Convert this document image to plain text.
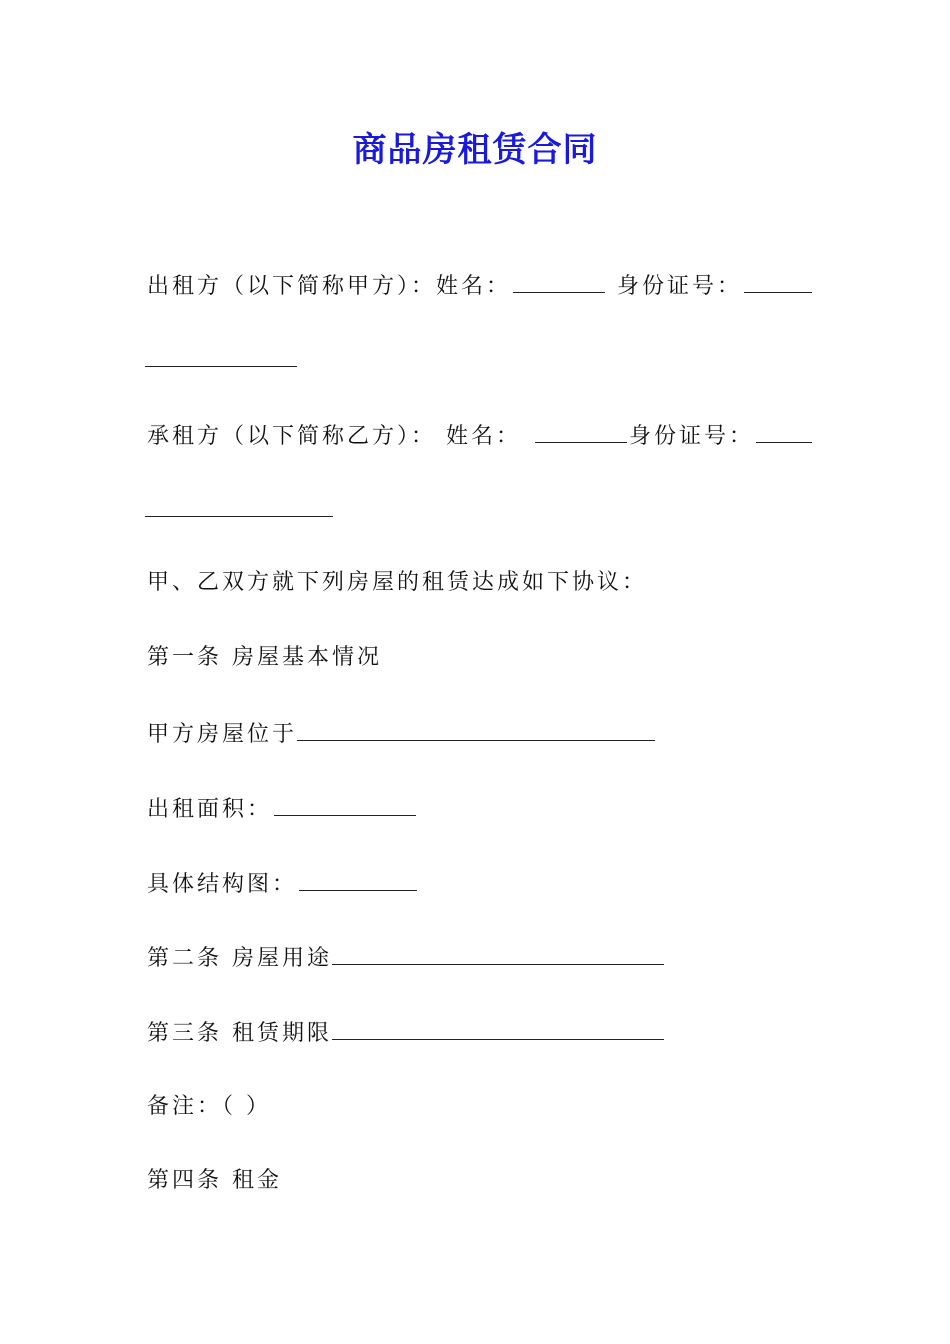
商品房租赁合同
出租方（以下简称甲方）：姓名：	身份证号：
承租方（以下简称乙方）： 姓名：	身份证号：
甲、乙双方就下列房屋的租赁达成如下协议：
第一条 房屋基本情况
甲方房屋位于
出租面积：
具体结构图：
第二条 房屋用途
第三条 租赁期限
备注：（ ）
第四条 租金
